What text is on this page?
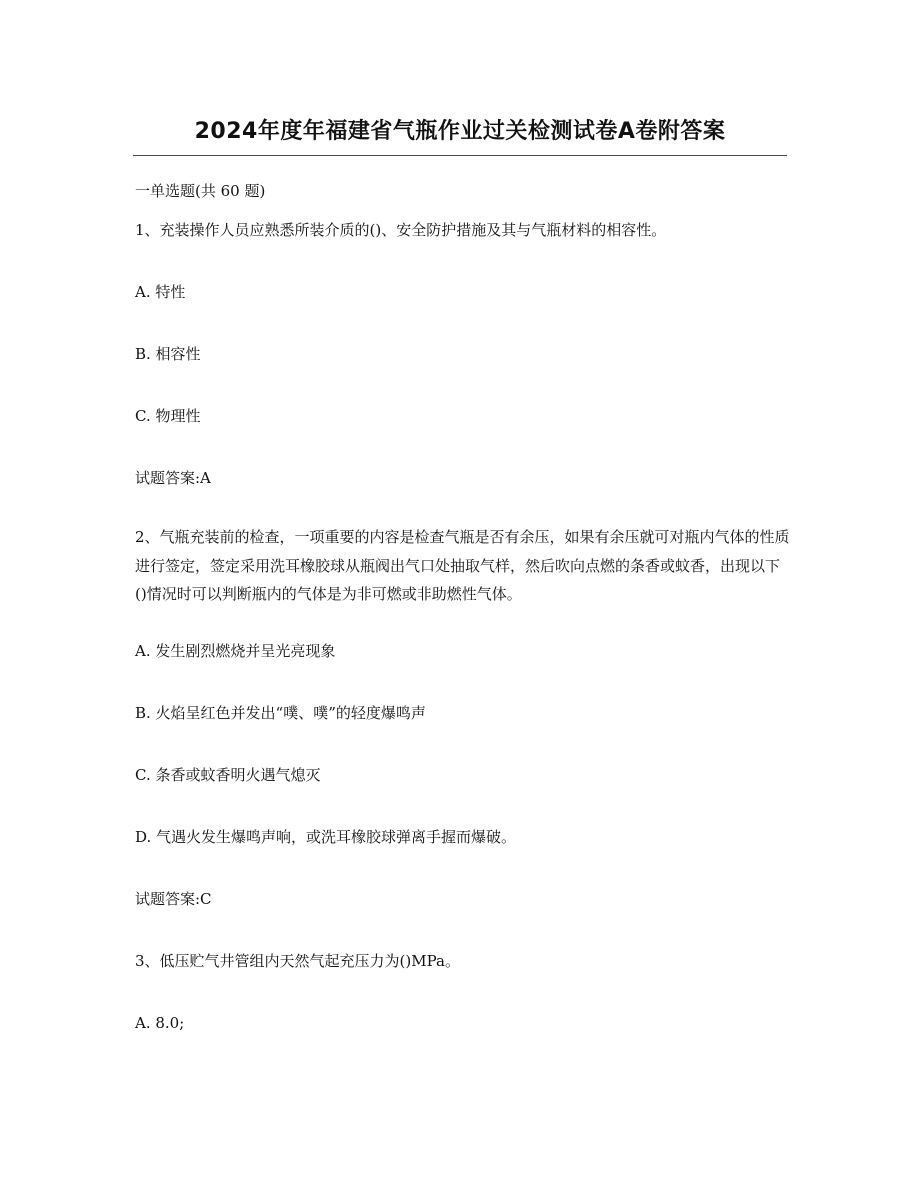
2024年度年福建省气瓶作业过关检测试卷A卷附答案
一单选题(共 60 题)
1、充装操作人员应熟悉所装介质的()、安全防护措施及其与气瓶材料的相容性。
A. 特性
B. 相容性
C. 物理性
试题答案:A
2、气瓶充装前的检查，一项重要的内容是检查气瓶是否有余压，如果有余压就可对瓶内气体的性质进行签定，签定采用洗耳橡胶球从瓶阀出气口处抽取气样，然后吹向点燃的条香或蚊香，出现以下()情况时可以判断瓶内的气体是为非可燃或非助燃性气体。
A. 发生剧烈燃烧并呈光亮现象
B. 火焰呈红色并发出“噗、噗”的轻度爆鸣声
C. 条香或蚊香明火遇气熄灭
D. 气遇火发生爆鸣声响，或洗耳橡胶球弹离手握而爆破。
试题答案:C
3、低压贮气井管组内天然气起充压力为()MPa。
A. 8.0;
